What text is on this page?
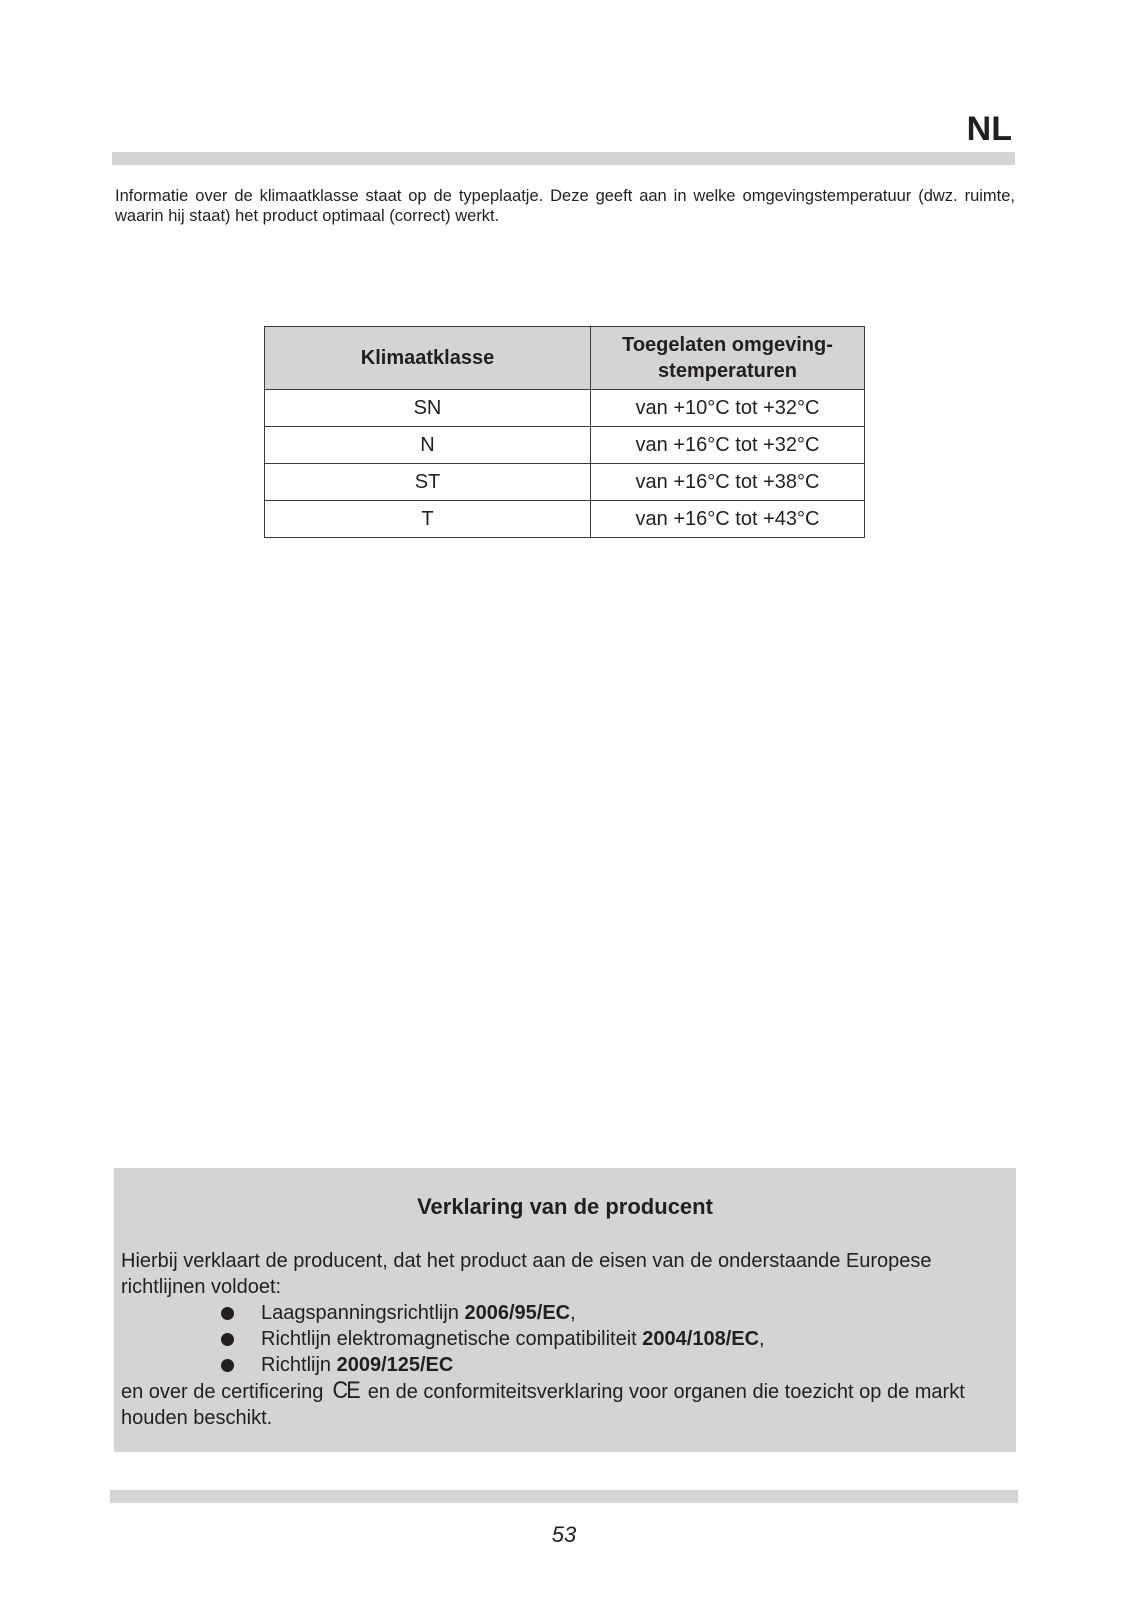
NL
Informatie over de klimaatklasse staat op de typeplaatje. Deze geeft aan in welke omgevingstemperatuur (dwz. ruimte, waarin hij staat) het product optimaal (correct) werkt.
Klimaatklasse	Toegelaten omgeving-
stemperaturen
SN	van +10°C tot +32°C
N	van +16°C tot +32°C
ST	van +16°C tot +38°C
T	van +16°C tot +43°C
Verklaring van de producent

Hierbij verklaart de producent, dat het product aan de eisen van de onderstaande Europese richtlijnen voldoet:

Laagspanningsrichtlijn 2006/95/EC,
Richtlijn elektromagnetische compatibiliteit 2004/108/EC,
Richtlijn 2009/125/EC

en over de certificering CE en de conformiteitsverklaring voor organen die toezicht op de markt houden beschikt.

53
